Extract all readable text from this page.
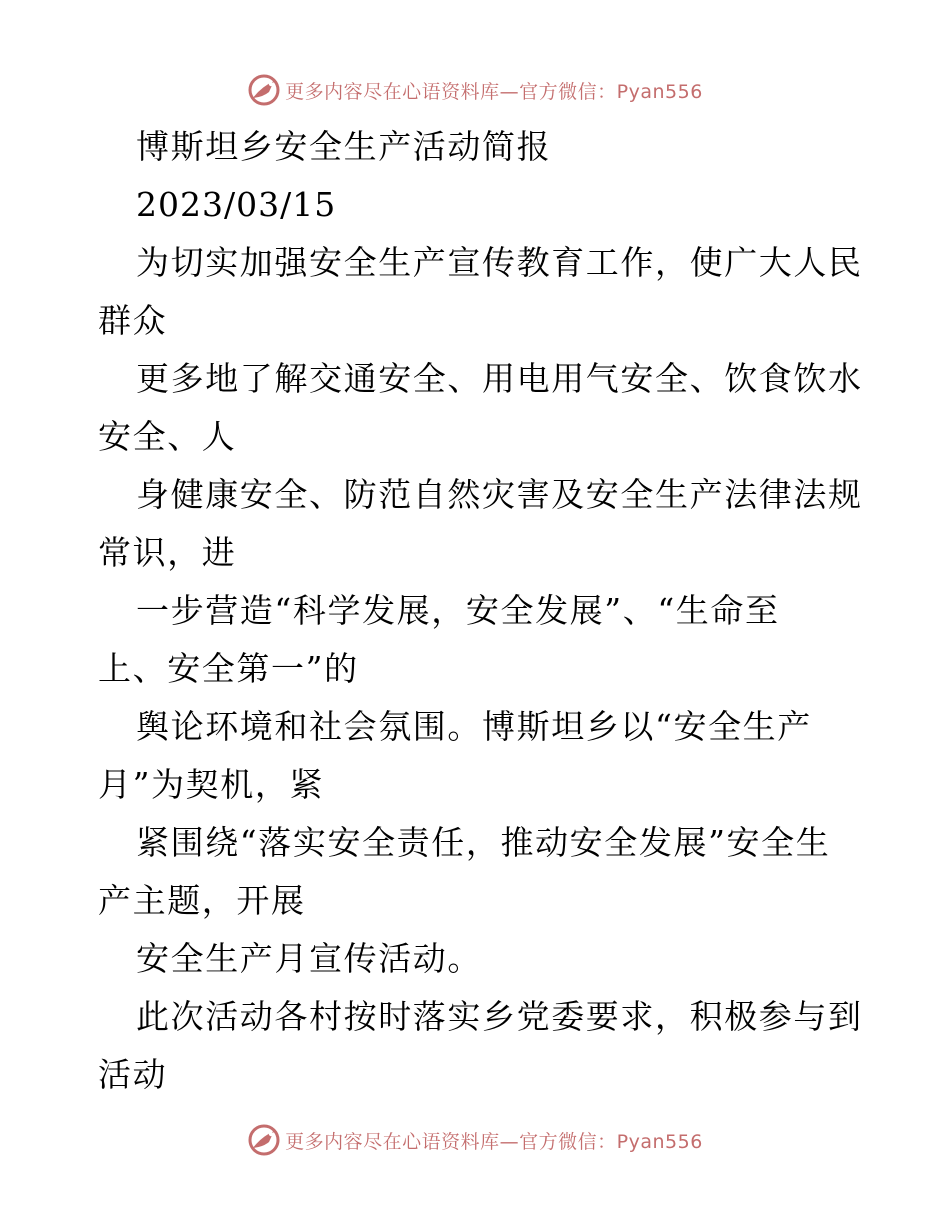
更多内容尽在心语资料库—官方微信：Pyan556
博斯坦乡安全生产活动简报
2023/03/15
为切实加强安全生产宣传教育工作，使广大人民
群众
更多地了解交通安全、用电用气安全、饮食饮水
安全、人
身健康安全、防范自然灾害及安全生产法律法规
常识，进
一步营造“科学发展，安全发展”、“生命至
上、安全第一”的
舆论环境和社会氛围。博斯坦乡以“安全生产
月”为契机，紧
紧围绕“落实安全责任，推动安全发展”安全生
产主题，开展
安全生产月宣传活动。
此次活动各村按时落实乡党委要求，积极参与到
活动
更多内容尽在心语资料库—官方微信：Pyan556
